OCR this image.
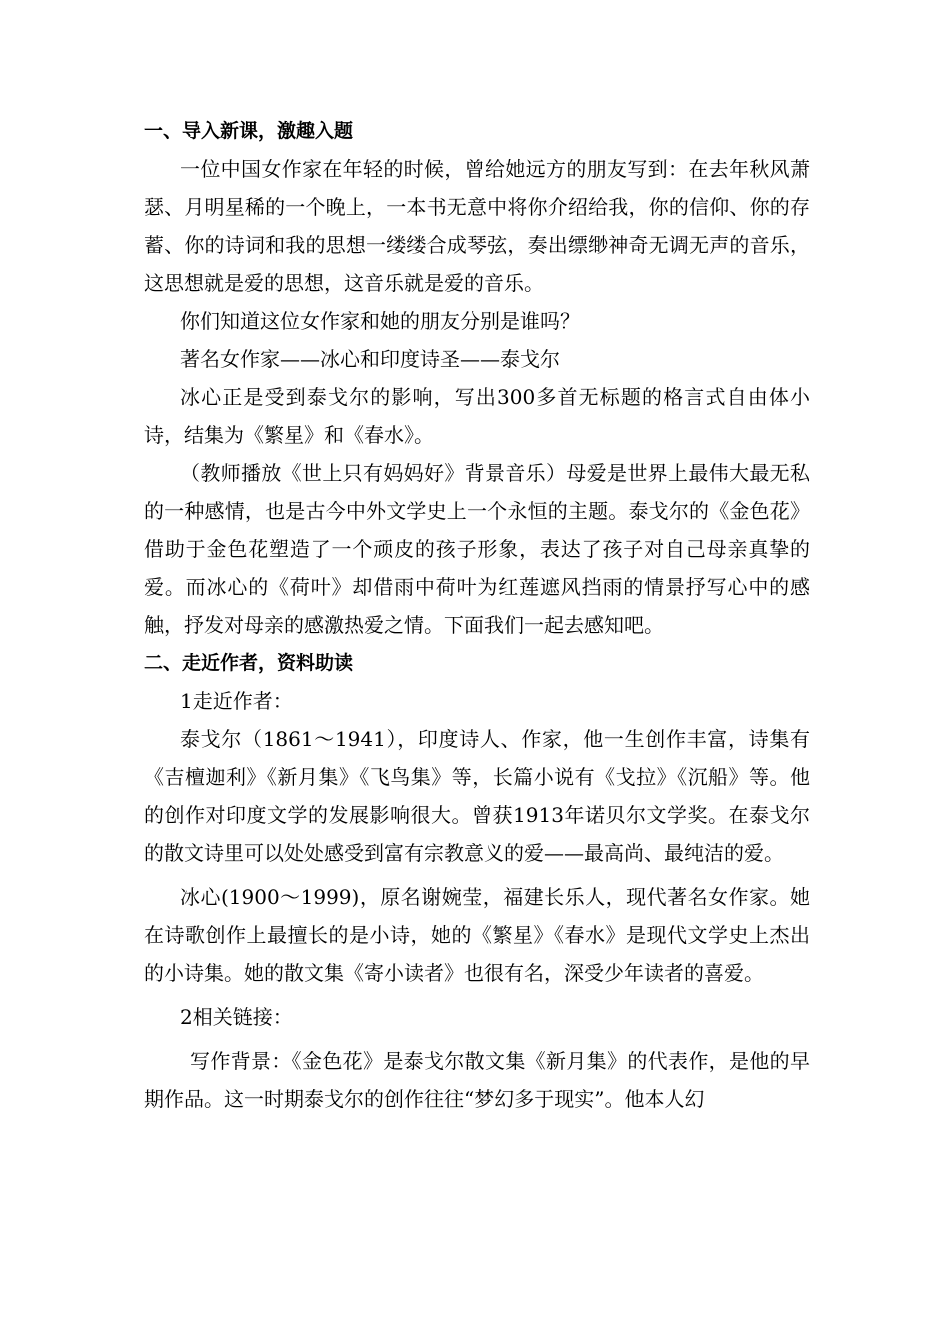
一、导入新课，激趣入题

一位中国女作家在年轻的时候，曾给她远方的朋友写到：在去年秋风萧瑟、月明星稀的一个晚上，一本书无意中将你介绍给我，你的信仰、你的存蓄、你的诗词和我的思想一缕缕合成琴弦，奏出缥缈神奇无调无声的音乐，这思想就是爱的思想，这音乐就是爱的音乐。

你们知道这位女作家和她的朋友分别是谁吗？

著名女作家——冰心和印度诗圣——泰戈尔

冰心正是受到泰戈尔的影响，写出300多首无标题的格言式自由体小诗，结集为《繁星》和《春水》。

（教师播放《世上只有妈妈好》背景音乐）母爱是世界上最伟大最无私的一种感情，也是古今中外文学史上一个永恒的主题。泰戈尔的《金色花》借助于金色花塑造了一个顽皮的孩子形象，表达了孩子对自己母亲真挚的爱。而冰心的《荷叶》却借雨中荷叶为红莲遮风挡雨的情景抒写心中的感触，抒发对母亲的感激热爱之情。下面我们一起去感知吧。

二、走近作者，资料助读

1走近作者：

泰戈尔（1861～1941），印度诗人、作家，他一生创作丰富，诗集有《吉檀迦利》《新月集》《飞鸟集》等，长篇小说有《戈拉》《沉船》等。他的创作对印度文学的发展影响很大。曾获1913年诺贝尔文学奖。在泰戈尔的散文诗里可以处处感受到富有宗教意义的爱——最高尚、最纯洁的爱。

冰心(1900～1999)，原名谢婉莹，福建长乐人，现代著名女作家。她在诗歌创作上最擅长的是小诗，她的《繁星》《春水》是现代文学史上杰出的小诗集。她的散文集《寄小读者》也很有名，深受少年读者的喜爱。

2相关链接：

写作背景：《金色花》是泰戈尔散文集《新月集》的代表作，是他的早期作品。这一时期泰戈尔的创作往往“梦幻多于现实”。他本人幻
